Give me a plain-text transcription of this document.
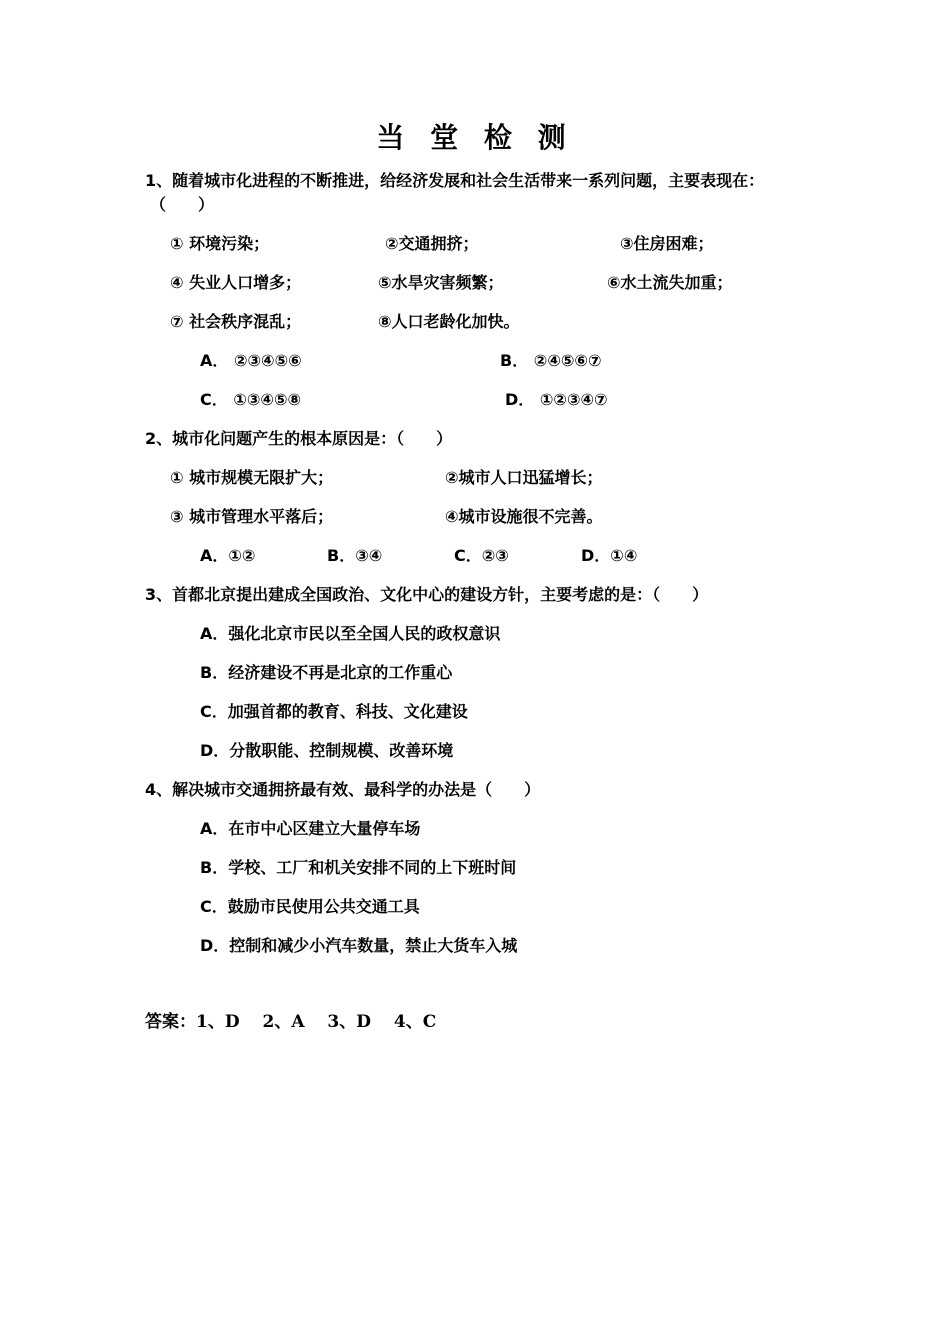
当 堂 检 测
1、随着城市化进程的不断推进，给经济发展和社会生活带来一系列问题，主要表现在：
（　　）
① 环境污染；	②交通拥挤；	③住房困难；
④ 失业人口增多；	⑤水旱灾害频繁；	⑥水土流失加重；
⑦ 社会秩序混乱；	⑧人口老龄化加快。
A． ②③④⑤⑥	B． ②④⑤⑥⑦
C． ①③④⑤⑧	D． ①②③④⑦
2、城市化问题产生的根本原因是：（　　）
① 城市规模无限扩大；	②城市人口迅猛增长；
③ 城市管理水平落后；	④城市设施很不完善。
A．①②	B．③④	C．②③	D．①④
3、首都北京提出建成全国政治、文化中心的建设方针，主要考虑的是：（　　）
A．强化北京市民以至全国人民的政权意识
B．经济建设不再是北京的工作重心
C．加强首都的教育、科技、文化建设
D．分散职能、控制规模、改善环境
4、解决城市交通拥挤最有效、最科学的办法是（　　）
A．在市中心区建立大量停车场
B．学校、工厂和机关安排不同的上下班时间
C．鼓励市民使用公共交通工具
D．控制和减少小汽车数量，禁止大货车入城
答案：1、D　 2、A　 3、D　 4、C
